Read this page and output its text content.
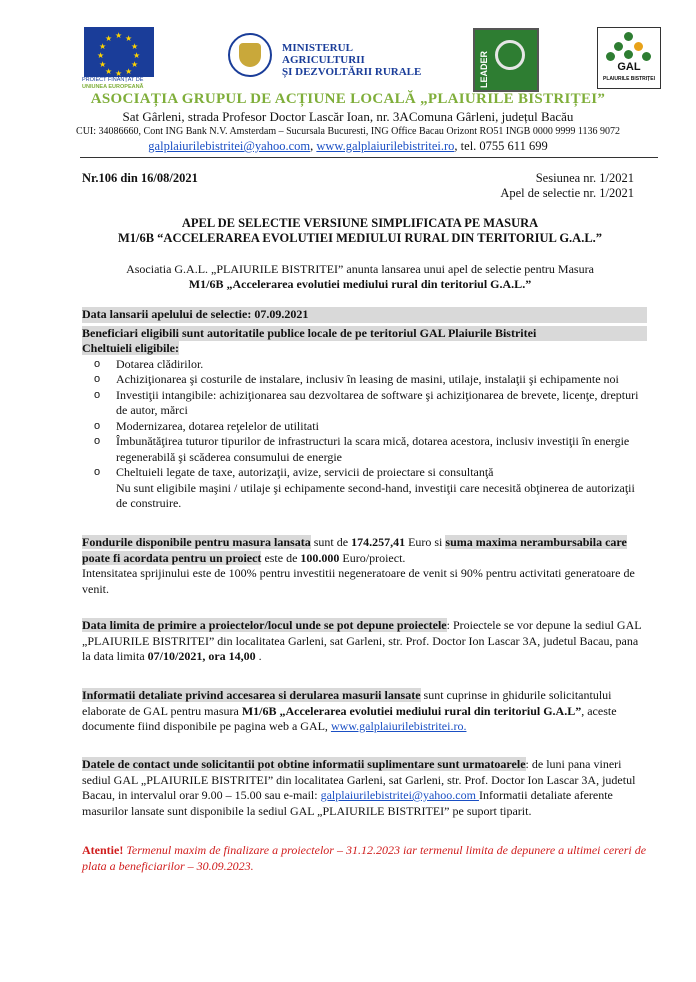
★ ★
★
★
★
★
★
★
★
★
★
★
PROIECT FINANȚAT DE
UNIUNEA EUROPEANĂ
MINISTERUL AGRICULTURII
ȘI DEZVOLTĂRII RURALE	LEADER	GAL
PLAIURILE BISTRIȚEI
ASOCIAȚIA GRUPUL DE ACȚIUNE LOCALĂ „PLAIURILE BISTRIȚEI”
Sat Gârleni, strada Profesor Doctor Lascăr Ioan, nr. 3AComuna Gârleni, județul Bacău
CUI: 34086660, Cont ING Bank N.V. Amsterdam – Sucursala Bucuresti, ING Office Bacau Orizont RO51 INGB 0000 9999 1136 9072
galplaiurilebistritei@yahoo.com, www.galplaiurilebistritei.ro, tel. 0755 611 699
Nr.106 din 16/08/2021	Sesiunea nr. 1/2021
Apel de selectie nr. 1/2021
APEL DE SELECTIE VERSIUNE SIMPLIFICATA PE MASURA
M1/6B “ACCELERAREA EVOLUTIEI MEDIULUI RURAL DIN TERITORIUL G.A.L.”
Asociatia G.A.L. „PLAIURILE BISTRITEI” anunta lansarea unui apel de selectie pentru Masura
M1/6B „Accelerarea evolutiei mediului rural din teritoriul G.A.L.”
Data lansarii apelului de selectie: 07.09.2021
Beneficiari eligibili sunt autoritatile publice locale de pe teritoriul GAL Plaiurile Bistritei
Cheltuieli eligibile:
o Dotarea clădirilor.
o Achiziţionarea şi costurile de instalare, inclusiv în leasing de masini, utilaje, instalaţii şi echipamente noi
o Investiţii intangibile: achiziţionarea sau dezvoltarea de software şi achiziţionarea de brevete, licenţe, drepturi de autor, mărci
o Modernizarea, dotarea reţelelor de utilitati
o Îmbunătăţirea tuturor tipurilor de infrastructuri la scara mică, dotarea acestora, inclusiv investiţii în energie regenerabilă şi scăderea consumului de energie
o Cheltuieli legate de taxe, autorizaţii, avize, servicii de proiectare si consultanţă
Nu sunt eligibile maşini / utilaje şi echipamente second-hand, investiţii care necesită obţinerea de autorizaţii de construire.
Fondurile disponibile pentru masura lansata sunt de 174.257,41 Euro si suma maxima nerambursabila care poate fi acordata pentru un proiect este de 100.000 Euro/proiect.
Intensitatea sprijinului este de 100% pentru investitii negeneratoare de venit si 90% pentru activitati generatoare de venit.
Data limita de primire a proiectelor/locul unde se pot depune proiectele: Proiectele se vor depune la sediul GAL „PLAIURILE BISTRITEI” din localitatea Garleni, sat Garleni, str. Prof. Doctor Ion Lascar 3A, judetul Bacau, pana la data limita 07/10/2021, ora 14,00 .
Informatii detaliate privind accesarea si derularea masurii lansate sunt cuprinse in ghidurile solicitantului elaborate de GAL pentru masura M1/6B „Accelerarea evolutiei mediului rural din teritoriul G.A.L”, aceste documente fiind disponibile pe pagina web a GAL, www.galplaiurilebistritei.ro.
Datele de contact unde solicitantii pot obtine informatii suplimentare sunt urmatoarele: de luni pana vineri sediul GAL „PLAIURILE BISTRITEI” din localitatea Garleni, sat Garleni, str. Prof. Doctor Ion Lascar 3A, judetul Bacau, in intervalul orar 9.00 – 15.00 sau e-mail: galplaiurilebistritei@yahoo.com Informatii detaliate aferente masurilor lansate sunt disponibile la sediul GAL „PLAIURILE BISTRITEI” pe suport tiparit.
Atentie! Termenul maxim de finalizare a proiectelor – 31.12.2023 iar termenul limita de depunere a ultimei cereri de plata a beneficiarilor – 30.09.2023.
